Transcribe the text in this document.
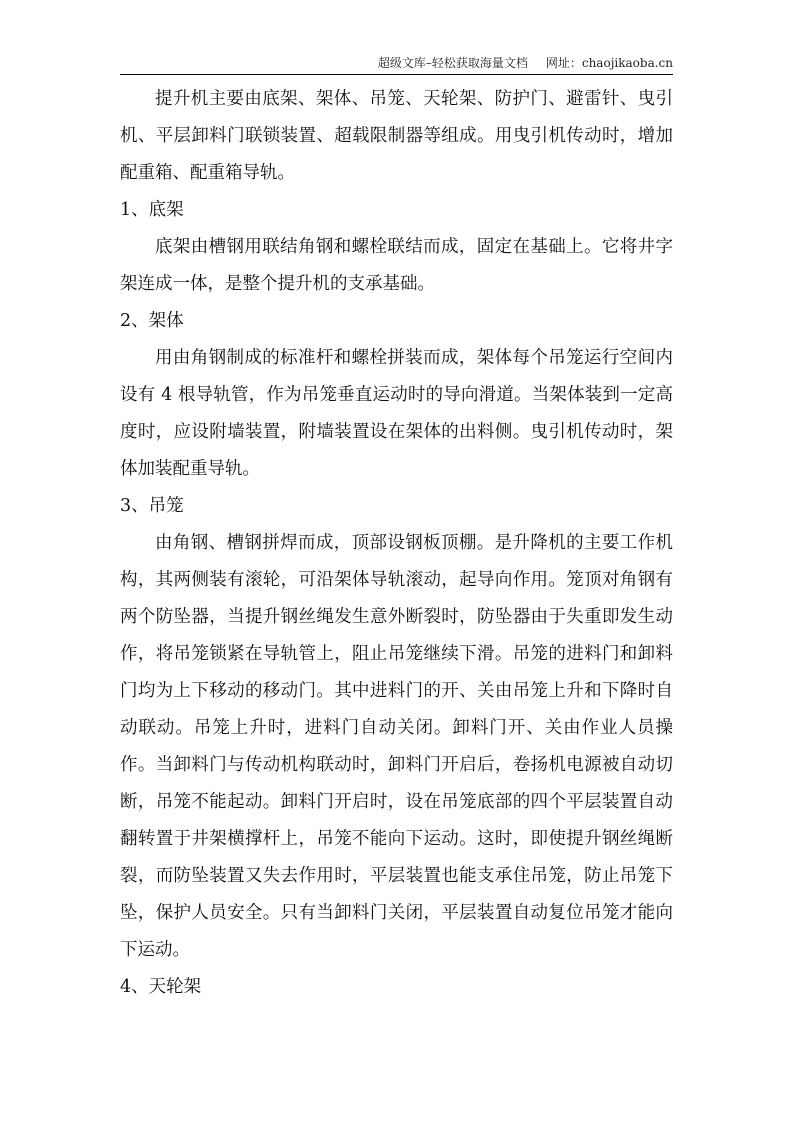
超级文库–轻松获取海量文档 网址：chaojikaoba.cn

提升机主要由底架、架体、吊笼、天轮架、防护门、避雷针、曳引机、平层卸料门联锁装置、超载限制器等组成。用曳引机传动时，增加配重箱、配重箱导轨。

1、底架

底架由槽钢用联结角钢和螺栓联结而成，固定在基础上。它将井字架连成一体，是整个提升机的支承基础。

2、架体

用由角钢制成的标准杆和螺栓拼装而成，架体每个吊笼运行空间内设有 4 根导轨管，作为吊笼垂直运动时的导向滑道。当架体装到一定高度时，应设附墙装置，附墙装置设在架体的出料侧。曳引机传动时，架体加装配重导轨。

3、吊笼

由角钢、槽钢拼焊而成，顶部设钢板顶棚。是升降机的主要工作机构，其两侧装有滚轮，可沿架体导轨滚动，起导向作用。笼顶对角钢有两个防坠器，当提升钢丝绳发生意外断裂时，防坠器由于失重即发生动作，将吊笼锁紧在导轨管上，阻止吊笼继续下滑。吊笼的进料门和卸料门均为上下移动的移动门。其中进料门的开、关由吊笼上升和下降时自动联动。吊笼上升时，进料门自动关闭。卸料门开、关由作业人员操作。当卸料门与传动机构联动时，卸料门开启后，卷扬机电源被自动切断，吊笼不能起动。卸料门开启时，设在吊笼底部的四个平层装置自动翻转置于井架横撑杆上，吊笼不能向下运动。这时，即使提升钢丝绳断裂，而防坠装置又失去作用时，平层装置也能支承住吊笼，防止吊笼下坠，保护人员安全。只有当卸料门关闭，平层装置自动复位吊笼才能向下运动。

4、天轮架
